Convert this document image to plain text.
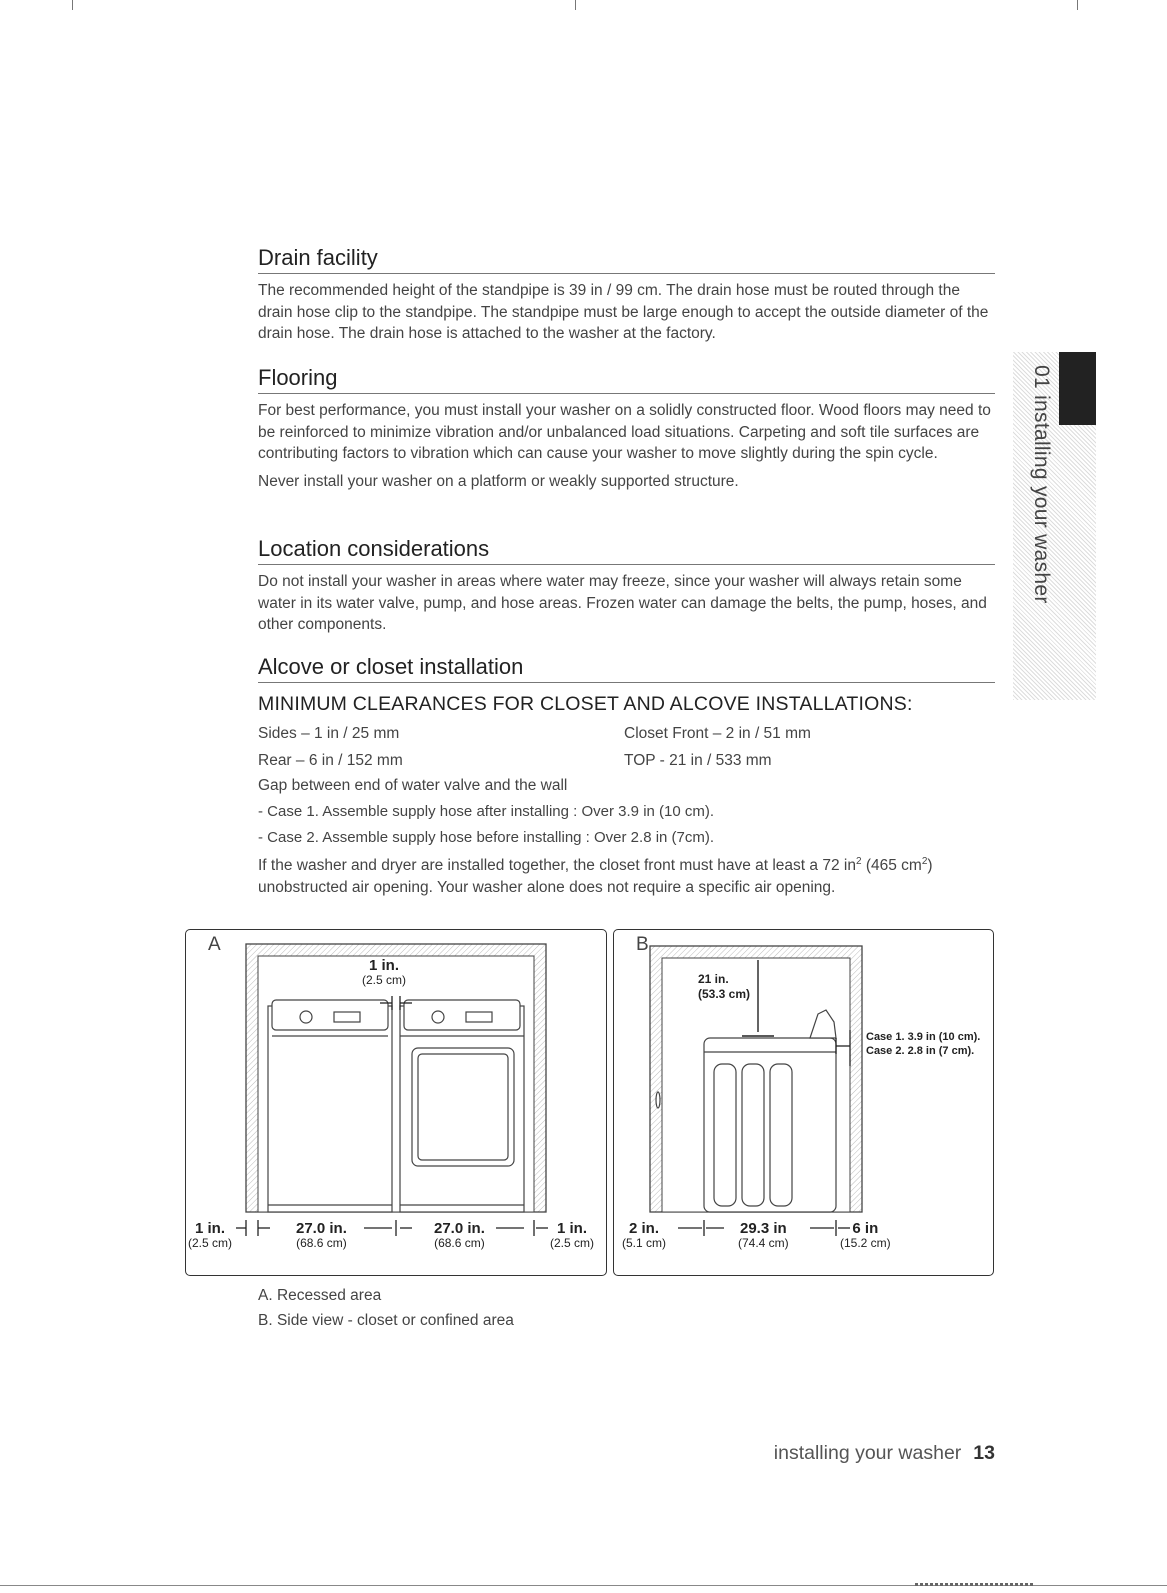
01 installing your washer
Drain facility

The recommended height of the standpipe is 39 in / 99 cm. The drain hose must be routed through the drain hose clip to the standpipe. The standpipe must be large enough to accept the outside diameter of the drain hose. The drain hose is attached to the washer at the factory.

Flooring

For best performance, you must install your washer on a solidly constructed floor. Wood floors may need to be reinforced to minimize vibration and/or unbalanced load situations. Carpeting and soft tile surfaces are contributing factors to vibration which can cause your washer to move slightly during the spin cycle.

Never install your washer on a platform or weakly supported structure.

Location considerations

Do not install your washer in areas where water may freeze, since your washer will always retain some water in its water valve, pump, and hose areas. Frozen water can damage the belts, the pump, hoses, and other components.

Alcove or closet installation
MINIMUM CLEARANCES FOR CLOSET AND ALCOVE INSTALLATIONS:
Sides – 1 in / 25 mm	Closet Front – 2 in / 51 mm
Rear – 6 in / 152 mm	TOP - 21 in / 533 mm
Gap between end of water valve and the wall
- Case 1. Assemble supply hose after installing : Over 3.9 in (10 cm).
- Case 2. Assemble supply hose before installing : Over 2.8 in (7cm).
If the washer and dryer are installed together, the closet front must have at least a 72 $in^2$ (465 $cm^2$)
unobstructed air opening. Your washer alone does not require a specific air opening.
A
1 in.
(2.5 cm)
1 in.
(2.5 cm)
27.0 in.
(68.6 cm)
27.0 in.
(68.6 cm)
1 in.
(2.5 cm)
B
21 in.
(53.3 cm)
Case 1. 3.9 in (10 cm).
Case 2. 2.8 in (7 cm).
2 in.
(5.1 cm)
29.3 in
(74.4 cm)
6 in
(15.2 cm)
A. Recessed area
B. Side view - closet or confined area
installing your washer 13
